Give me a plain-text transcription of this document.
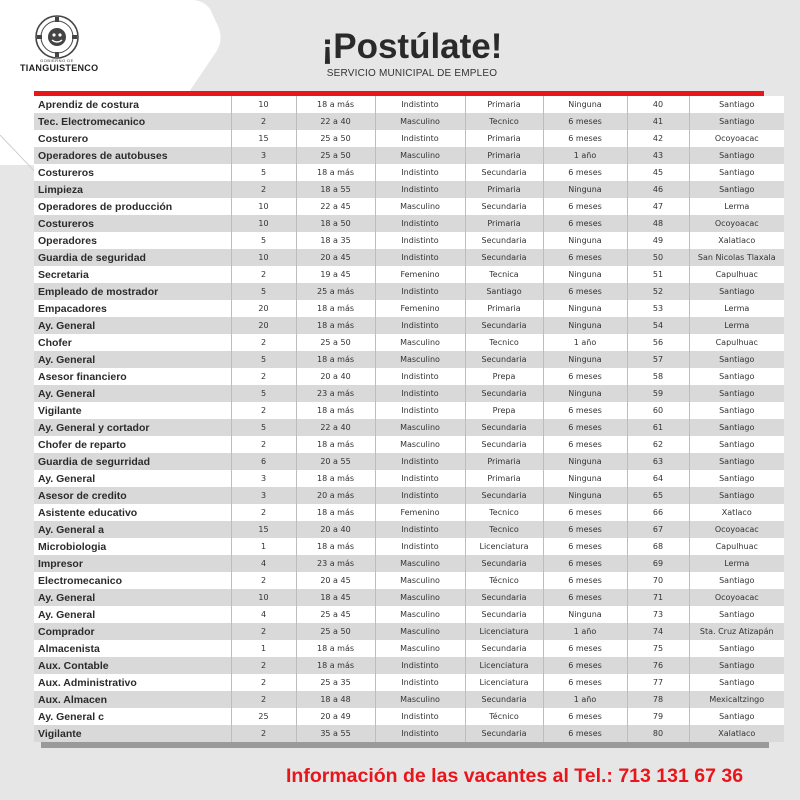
GOBIERNO DE
TIANGUISTENCO
¡Postúlate!
SERVICIO MUNICIPAL DE EMPLEO
Aprendiz de costura	10	18 a más	Indistinto	Primaria	Ninguna	40	Santiago
Tec. Electromecanico	2	22 a 40	Masculino	Tecnico	6 meses	41	Santiago
Costurero	15	25 a 50	Indistinto	Primaria	6 meses	42	Ocoyoacac
Operadores de autobuses	3	25 a 50	Masculino	Primaria	1 año	43	Santiago
Costureros	5	18 a más	Indistinto	Secundaria	6 meses	45	Santiago
Limpieza	2	18 a 55	Indistinto	Primaria	Ninguna	46	Santiago
Operadores de producción	10	22 a 45	Masculino	Secundaria	6 meses	47	Lerma
Costureros	10	18 a 50	Indistinto	Primaria	6 meses	48	Ocoyoacac
Operadores	5	18 a 35	Indistinto	Secundaria	Ninguna	49	Xalatlaco
Guardia de seguridad	10	20 a 45	Indistinto	Secundaria	6 meses	50	San Nicolas Tlaxala
Secretaria	2	19 a 45	Femenino	Tecnica	Ninguna	51	Capulhuac
Empleado de mostrador	5	25 a más	Indistinto	Santiago	6 meses	52	Santiago
Empacadores	20	18 a más	Femenino	Primaria	Ninguna	53	Lerma
Ay. General	20	18 a más	Indistinto	Secundaria	Ninguna	54	Lerma
Chofer	2	25 a 50	Masculino	Tecnico	1 año	56	Capulhuac
Ay. General	5	18 a más	Masculino	Secundaria	Ninguna	57	Santiago
Asesor financiero	2	20 a 40	Indistinto	Prepa	6 meses	58	Santiago
Ay. General	5	23 a más	Indistinto	Secundaria	Ninguna	59	Santiago
Vigilante	2	18 a más	Indistinto	Prepa	6 meses	60	Santiago
Ay. General y cortador	5	22 a 40	Masculino	Secundaria	6 meses	61	Santiago
Chofer de reparto	2	18 a más	Masculino	Secundaria	6 meses	62	Santiago
Guardia de segurridad	6	20 a 55	Indistinto	Primaria	Ninguna	63	Santiago
Ay. General	3	18 a más	Indistinto	Primaria	Ninguna	64	Santiago
Asesor de credito	3	20 a más	Indistinto	Secundaria	Ninguna	65	Santiago
Asistente educativo	2	18 a más	Femenino	Tecnico	6 meses	66	Xatlaco
Ay. General a	15	20 a 40	Indistinto	Tecnico	6 meses	67	Ocoyoacac
Microbiologia	1	18 a más	Indistinto	Licenciatura	6 meses	68	Capulhuac
Impresor	4	23 a más	Masculino	Secundaria	6 meses	69	Lerma
Electromecanico	2	20 a 45	Masculino	Técnico	6 meses	70	Santiago
Ay. General	10	18 a 45	Masculino	Secundaria	6 meses	71	Ocoyoacac
Ay. General	4	25 a 45	Masculino	Secundaria	Ninguna	73	Santiago
Comprador	2	25 a 50	Masculino	Licenciatura	1 año	74	Sta. Cruz Atizapán
Almacenista	1	18 a más	Masculino	Secundaria	6 meses	75	Santiago
Aux. Contable	2	18 a más	Indistinto	Licenciatura	6 meses	76	Santiago
Aux. Administrativo	2	25 a 35	Indistinto	Licenciatura	6 meses	77	Santiago
Aux. Almacen	2	18 a 48	Masculino	Secundaria	1 año	78	Mexicaltzingo
Ay. General c	25	20 a 49	Indistinto	Técnico	6 meses	79	Santiago
Vigilante	2	35 a 55	Indistinto	Secundaria	6 meses	80	Xalatlaco
Información de las vacantes al Tel.: 713 131 67 36
